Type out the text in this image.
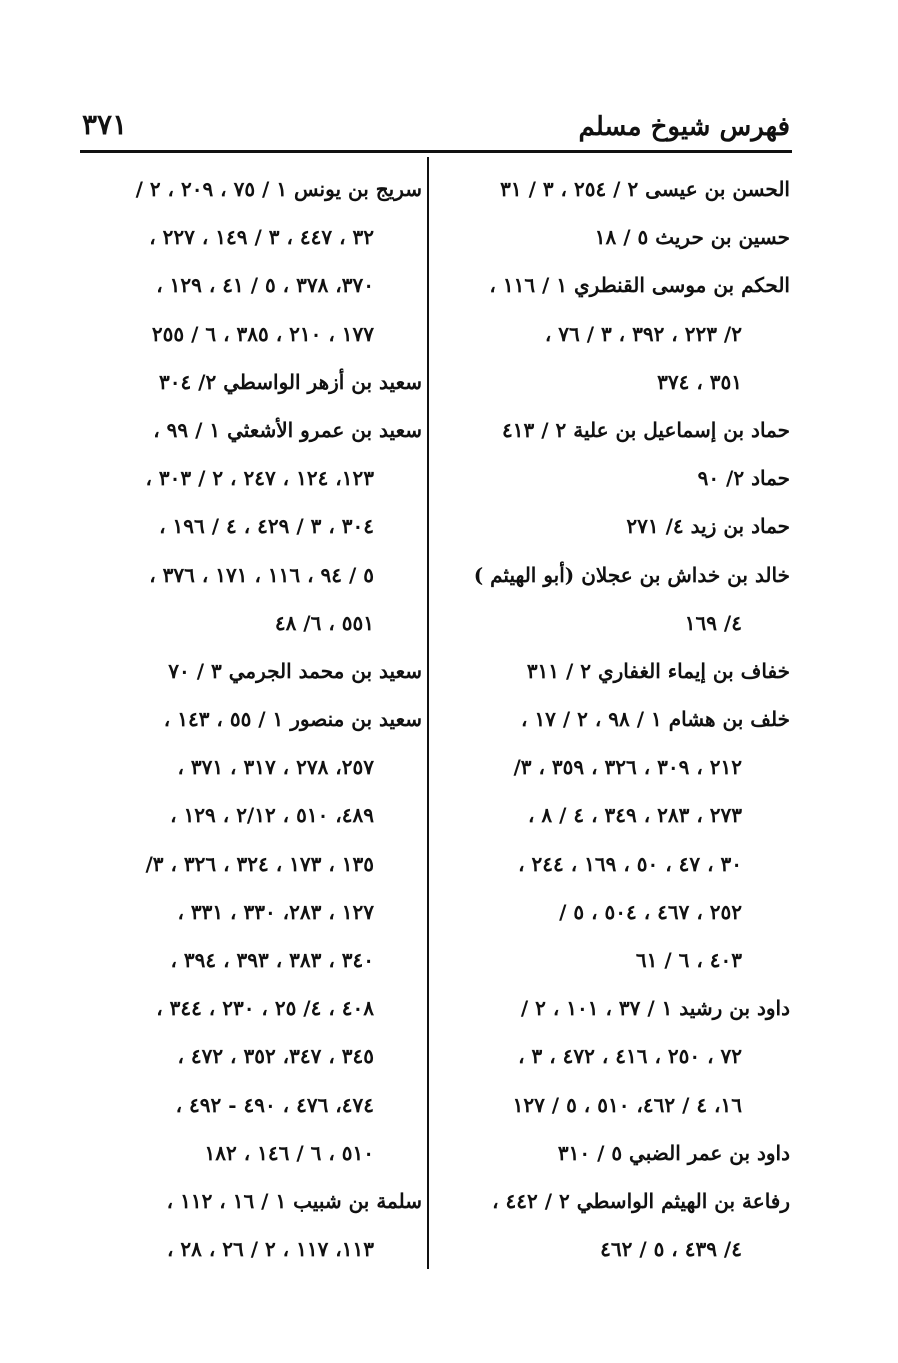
٣٧١	فهرس شيوخ مسلم
الحسن بن عيسى ٢ / ٢٥٤ ، ٣ / ٣١
حسين بن حريث ٥ / ١٨
الحكم بن موسى القنطري ١ / ١١٦ ،
٢/ ٢٢٣ ، ٣٩٢ ، ٣ / ٧٦ ،
٣٥١ ، ٣٧٤
حماد بن إسماعيل بن علية ٢ / ٤١٣
حماد ٢/ ٩٠
حماد بن زيد ٤/ ٢٧١
خالد بن خداش بن عجلان (أبو الهيثم )
٤/ ١٦٩
خفاف بن إيماء الغفاري ٢ / ٣١١
خلف بن هشام ١ / ٩٨ ، ٢ / ١٧ ،
٢١٢ ، ٣٠٩ ، ٣٢٦ ، ٣٥٩ ، ٣/
٢٧٣ ، ٢٨٣ ، ٣٤٩ ، ٤ / ٨ ،
٣٠ ، ٤٧ ، ٥٠ ، ١٦٩ ، ٢٤٤ ،
٢٥٢ ، ٤٦٧ ، ٥٠٤ ، ٥ /
٤٠٣ ، ٦ / ٦١
داود بن رشيد ١ / ٣٧ ، ١٠١ ، ٢ /
٧٢ ، ٢٥٠ ، ٤١٦ ، ٤٧٢ ، ٣ ،
١٦، ٤ / ٤٦٢، ٥١٠ ، ٥ / ١٢٧
داود بن عمر الضبي ٥ / ٣١٠
رفاعة بن الهيثم الواسطي ٢ / ٤٤٢ ،
٤/ ٤٣٩ ، ٥ / ٤٦٢
سريج بن يونس ١ / ٧٥ ، ٢٠٩ ، ٢ /
٣٢ ، ٤٤٧ ، ٣ / ١٤٩ ، ٢٢٧ ،
٣٧٠، ٣٧٨ ، ٥ / ٤١ ، ١٢٩ ،
١٧٧ ، ٢١٠ ، ٣٨٥ ، ٦ / ٢٥٥
سعيد بن أزهر الواسطي ٢/ ٣٠٤
سعيد بن عمرو الأشعثي ١ / ٩٩ ،
١٢٣، ١٢٤ ، ٢٤٧ ، ٢ / ٣٠٣ ،
٣٠٤ ، ٣ / ٤٢٩ ، ٤ / ١٩٦ ،
٥ / ٩٤ ، ١١٦ ، ١٧١ ، ٣٧٦ ،
٥٥١ ، ٦/ ٤٨
سعيد بن محمد الجرمي ٣ / ٧٠
سعيد بن منصور ١ / ٥٥ ، ١٤٣ ،
٢٥٧، ٢٧٨ ، ٣١٧ ، ٣٧١ ،
٤٨٩، ٥١٠ ، ٢/١٢ ، ١٢٩ ،
١٣٥ ، ١٧٣ ، ٣٢٤ ، ٣٢٦ ، ٣/
١٢٧ ، ٢٨٣، ٣٣٠ ، ٣٣١ ،
٣٤٠ ، ٣٨٣ ، ٣٩٣ ، ٣٩٤ ،
٤٠٨ ، ٤/ ٢٥ ، ٢٣٠ ، ٣٤٤ ،
٣٤٥ ، ٣٤٧، ٣٥٢ ، ٤٧٢ ،
٤٧٤، ٤٧٦ ، ٤٩٠ - ٤٩٢ ،
٥١٠ ، ٦ / ١٤٦ ، ١٨٢
سلمة بن شبيب ١ / ١٦ ، ١١٢ ،
١١٣، ١١٧ ، ٢ / ٢٦ ، ٢٨ ،
